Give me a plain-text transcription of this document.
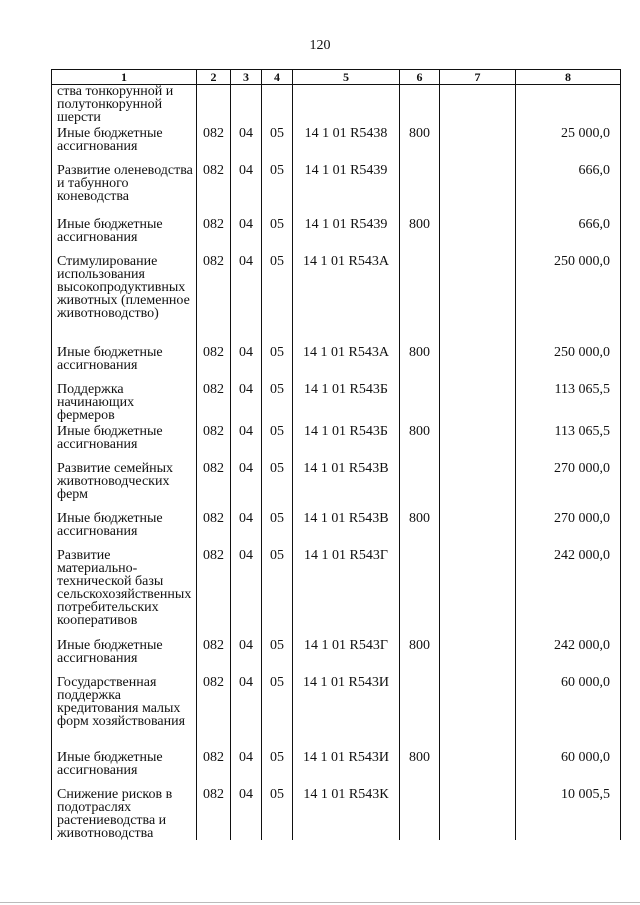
120
1	2	3	4	5	6	7	8
ства тонкорунной и полутонкорунной шерсти							
Иные бюджетные ассигнования	082	04	05	14 1 01 R5438	800		25 000,0
Развитие оленеводства и табунного коневодства	082	04	05	14 1 01 R5439			666,0
Иные бюджетные ассигнования	082	04	05	14 1 01 R5439	800		666,0
Стимулирование использования высокопродуктивных животных (племенное животноводство)	082	04	05	14 1 01 R543А			250 000,0
Иные бюджетные ассигнования	082	04	05	14 1 01 R543А	800		250 000,0
Поддержка начинающих фермеров	082	04	05	14 1 01 R543Б			113 065,5
Иные бюджетные ассигнования	082	04	05	14 1 01 R543Б	800		113 065,5
Развитие семейных животноводческих ферм	082	04	05	14 1 01 R543В			270 000,0
Иные бюджетные ассигнования	082	04	05	14 1 01 R543В	800		270 000,0
Развитие материально-технической базы сельскохозяйственных потребительских кооперативов	082	04	05	14 1 01 R543Г			242 000,0
Иные бюджетные ассигнования	082	04	05	14 1 01 R543Г	800		242 000,0
Государственная поддержка кредитования малых форм хозяйствования	082	04	05	14 1 01 R543И			60 000,0
Иные бюджетные ассигнования	082	04	05	14 1 01 R543И	800		60 000,0
Снижение рисков в подотраслях растениеводства и животноводства	082	04	05	14 1 01 R543К			10 005,5
